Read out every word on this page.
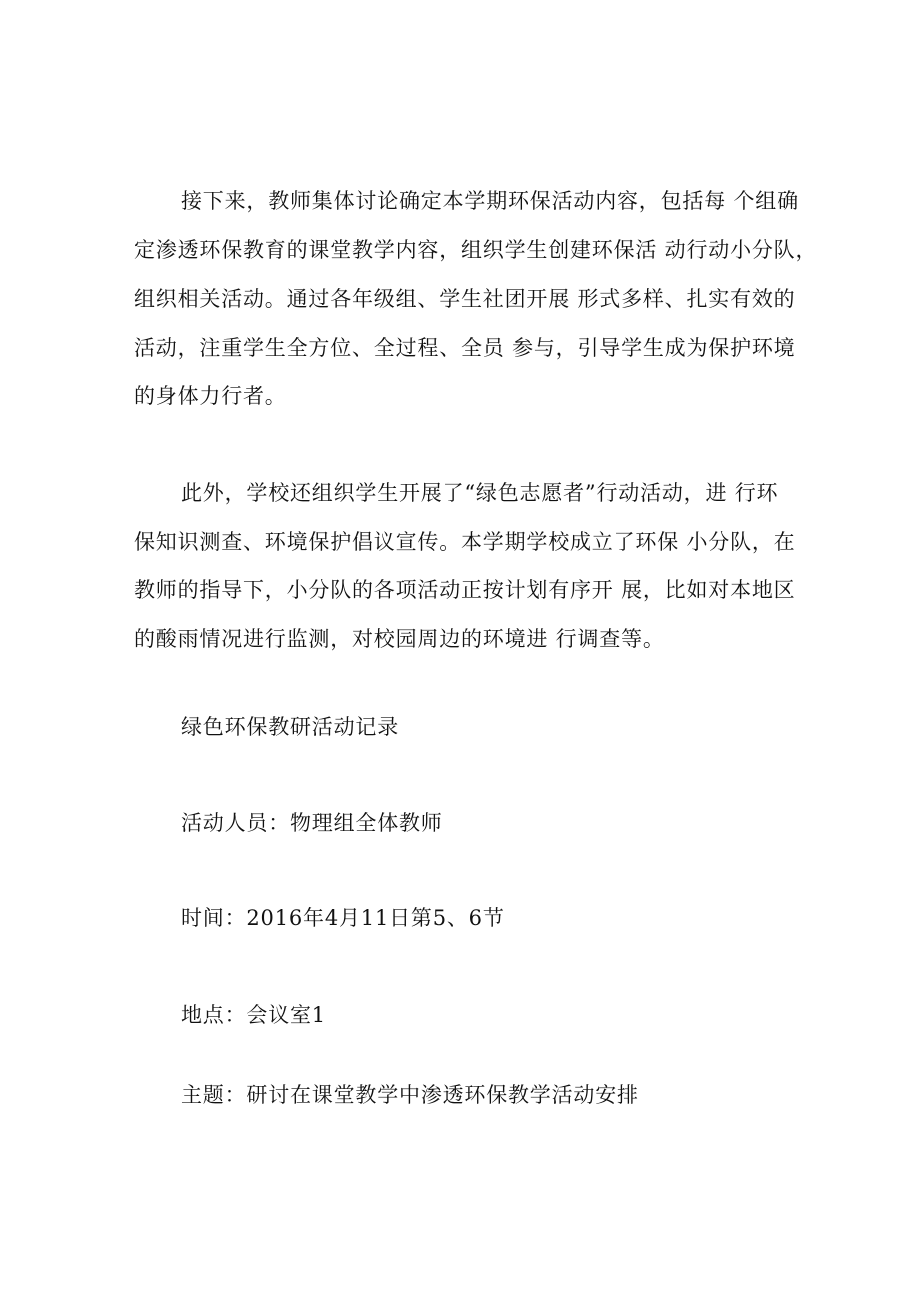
接下来，教师集体讨论确定本学期环保活动内容，包括每 个组确
定渗透环保教育的课堂教学内容，组织学生创建环保活 动行动小分队，
组织相关活动。通过各年级组、学生社团开展 形式多样、扎实有效的
活动，注重学生全方位、全过程、全员 参与，引导学生成为保护环境
的身体力行者。
此外，学校还组织学生开展了“绿色志愿者”行动活动，进 行环
保知识测查、环境保护倡议宣传。本学期学校成立了环保 小分队，在
教师的指导下，小分队的各项活动正按计划有序开 展，比如对本地区
的酸雨情况进行监测，对校园周边的环境进 行调查等。
绿色环保教研活动记录
活动人员：物理组全体教师
时间：2016年4月11日第5、6节
地点：会议室1
主题：研讨在课堂教学中渗透环保教学活动安排
